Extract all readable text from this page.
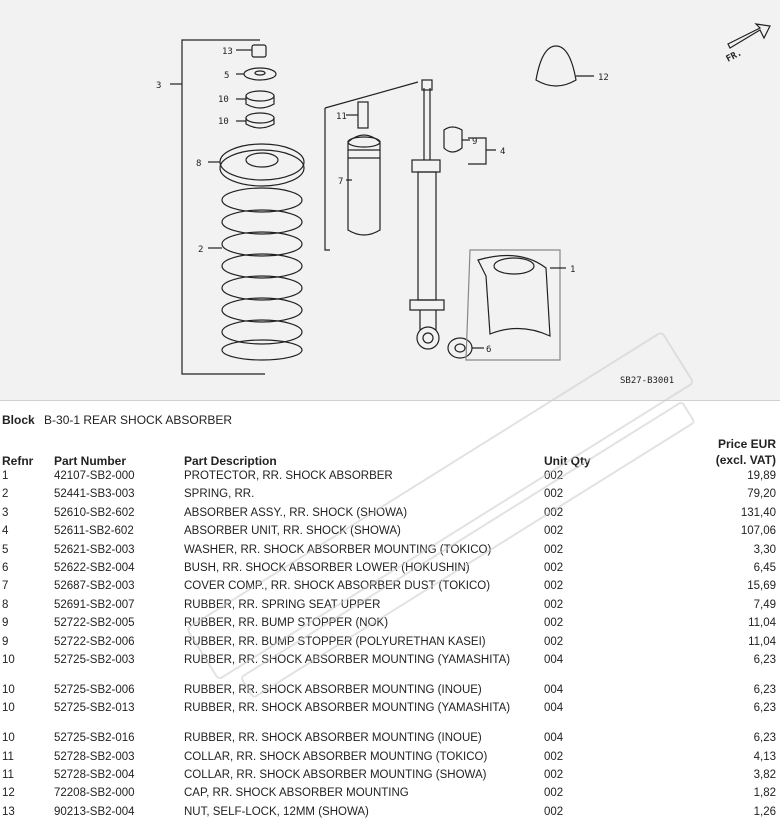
13
5
10
10
3
8
2
11
7
9
4
12
1
6
SB27-B3001
FR.
Block B-30-1 REAR SHOCK ABSORBER
Price EUR
(excl. VAT)
Refnr	Part Number	Part Description	Unit Qty	
1	42107-SB2-000	PROTECTOR, RR. SHOCK ABSORBER	002	19,89
2	52441-SB3-003	SPRING, RR.	002	79,20
3	52610-SB2-602	ABSORBER ASSY., RR. SHOCK (SHOWA)	002	131,40
4	52611-SB2-602	ABSORBER UNIT, RR. SHOCK (SHOWA)	002	107,06
5	52621-SB2-003	WASHER, RR. SHOCK ABSORBER MOUNTING (TOKICO)	002	3,30
6	52622-SB2-004	BUSH, RR. SHOCK ABSORBER LOWER (HOKUSHIN)	002	6,45
7	52687-SB2-003	COVER COMP., RR. SHOCK ABSORBER DUST (TOKICO)	002	15,69
8	52691-SB2-007	RUBBER, RR. SPRING SEAT UPPER	002	7,49
9	52722-SB2-005	RUBBER, RR. BUMP STOPPER (NOK)	002	11,04
9	52722-SB2-006	RUBBER, RR. BUMP STOPPER (POLYURETHAN KASEI)	002	11,04
10	52725-SB2-003	RUBBER, RR. SHOCK ABSORBER MOUNTING (YAMASHITA)	004	6,23
10	52725-SB2-006	RUBBER, RR. SHOCK ABSORBER MOUNTING (INOUE)	004	6,23
10	52725-SB2-013	RUBBER, RR. SHOCK ABSORBER MOUNTING (YAMASHITA)	004	6,23
10	52725-SB2-016	RUBBER, RR. SHOCK ABSORBER MOUNTING (INOUE)	004	6,23
11	52728-SB2-003	COLLAR, RR. SHOCK ABSORBER MOUNTING (TOKICO)	002	4,13
11	52728-SB2-004	COLLAR, RR. SHOCK ABSORBER MOUNTING (SHOWA)	002	3,82
12	72208-SB2-000	CAP, RR. SHOCK ABSORBER MOUNTING	002	1,82
13	90213-SB2-004	NUT, SELF-LOCK, 12MM (SHOWA)	002	1,26
